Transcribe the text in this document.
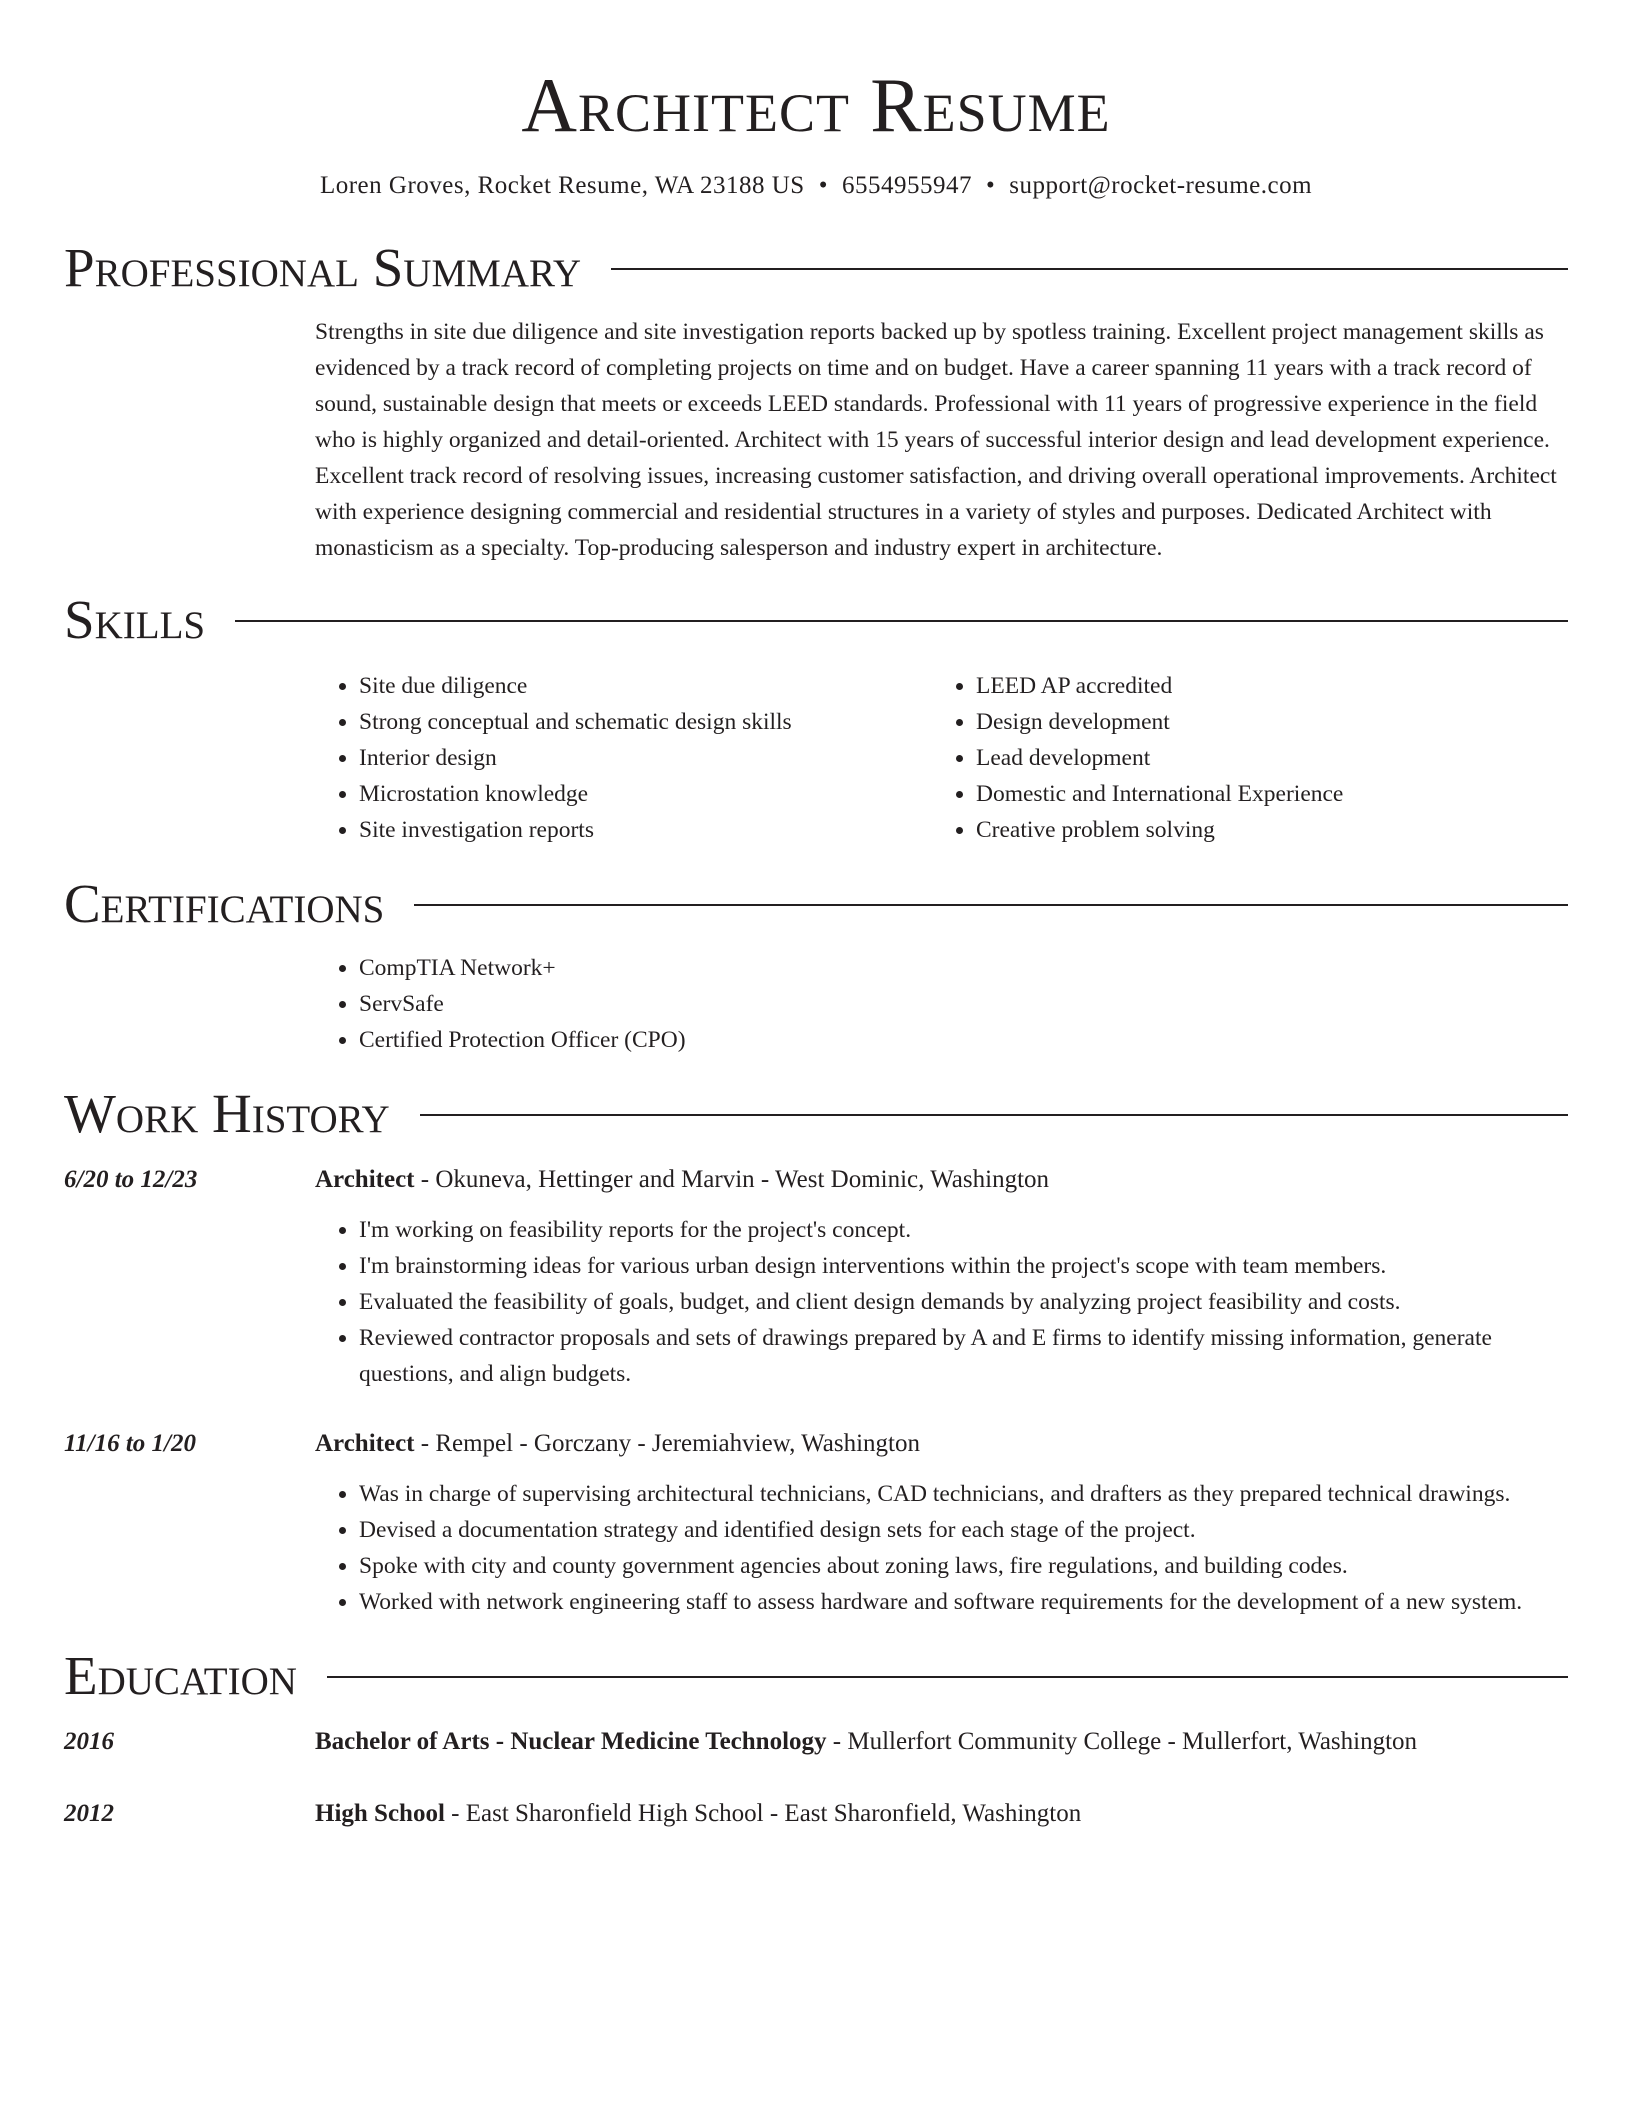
Architect Resume
Loren Groves, Rocket Resume, WA 23188 US • 6554955947 • support@rocket-resume.com
Professional Summary

Strengths in site due diligence and site investigation reports backed up by spotless training. Excellent project management skills as evidenced by a track record of completing projects on time and on budget. Have a career spanning 11 years with a track record of sound, sustainable design that meets or exceeds LEED standards. Professional with 11 years of progressive experience in the field who is highly organized and detail-oriented. Architect with 15 years of successful interior design and lead development experience. Excellent track record of resolving issues, increasing customer satisfaction, and driving overall operational improvements. Architect with experience designing commercial and residential structures in a variety of styles and purposes. Dedicated Architect with monasticism as a specialty. Top-producing salesperson and industry expert in architecture.

Skills
• Site due diligence
• Strong conceptual and schematic design skills
• Interior design
• Microstation knowledge
• Site investigation reports
• LEED AP accredited
• Design development
• Lead development
• Domestic and International Experience
• Creative problem solving
Certifications
• CompTIA Network+
• ServSafe
• Certified Protection Officer (CPO)
Work History
6/20 to 12/23	Architect - Okuneva, Hettinger and Marvin - West Dominic, Washington
• I'm working on feasibility reports for the project's concept.
• I'm brainstorming ideas for various urban design interventions within the project's scope with team members.
• Evaluated the feasibility of goals, budget, and client design demands by analyzing project feasibility and costs.
• Reviewed contractor proposals and sets of drawings prepared by A and E firms to identify missing information, generate questions, and align budgets.
11/16 to 1/20	Architect - Rempel - Gorczany - Jeremiahview, Washington
• Was in charge of supervising architectural technicians, CAD technicians, and drafters as they prepared technical drawings.
• Devised a documentation strategy and identified design sets for each stage of the project.
• Spoke with city and county government agencies about zoning laws, fire regulations, and building codes.
• Worked with network engineering staff to assess hardware and software requirements for the development of a new system.
Education
2016	Bachelor of Arts - Nuclear Medicine Technology - Mullerfort Community College - Mullerfort, Washington
2012	High School - East Sharonfield High School - East Sharonfield, Washington
